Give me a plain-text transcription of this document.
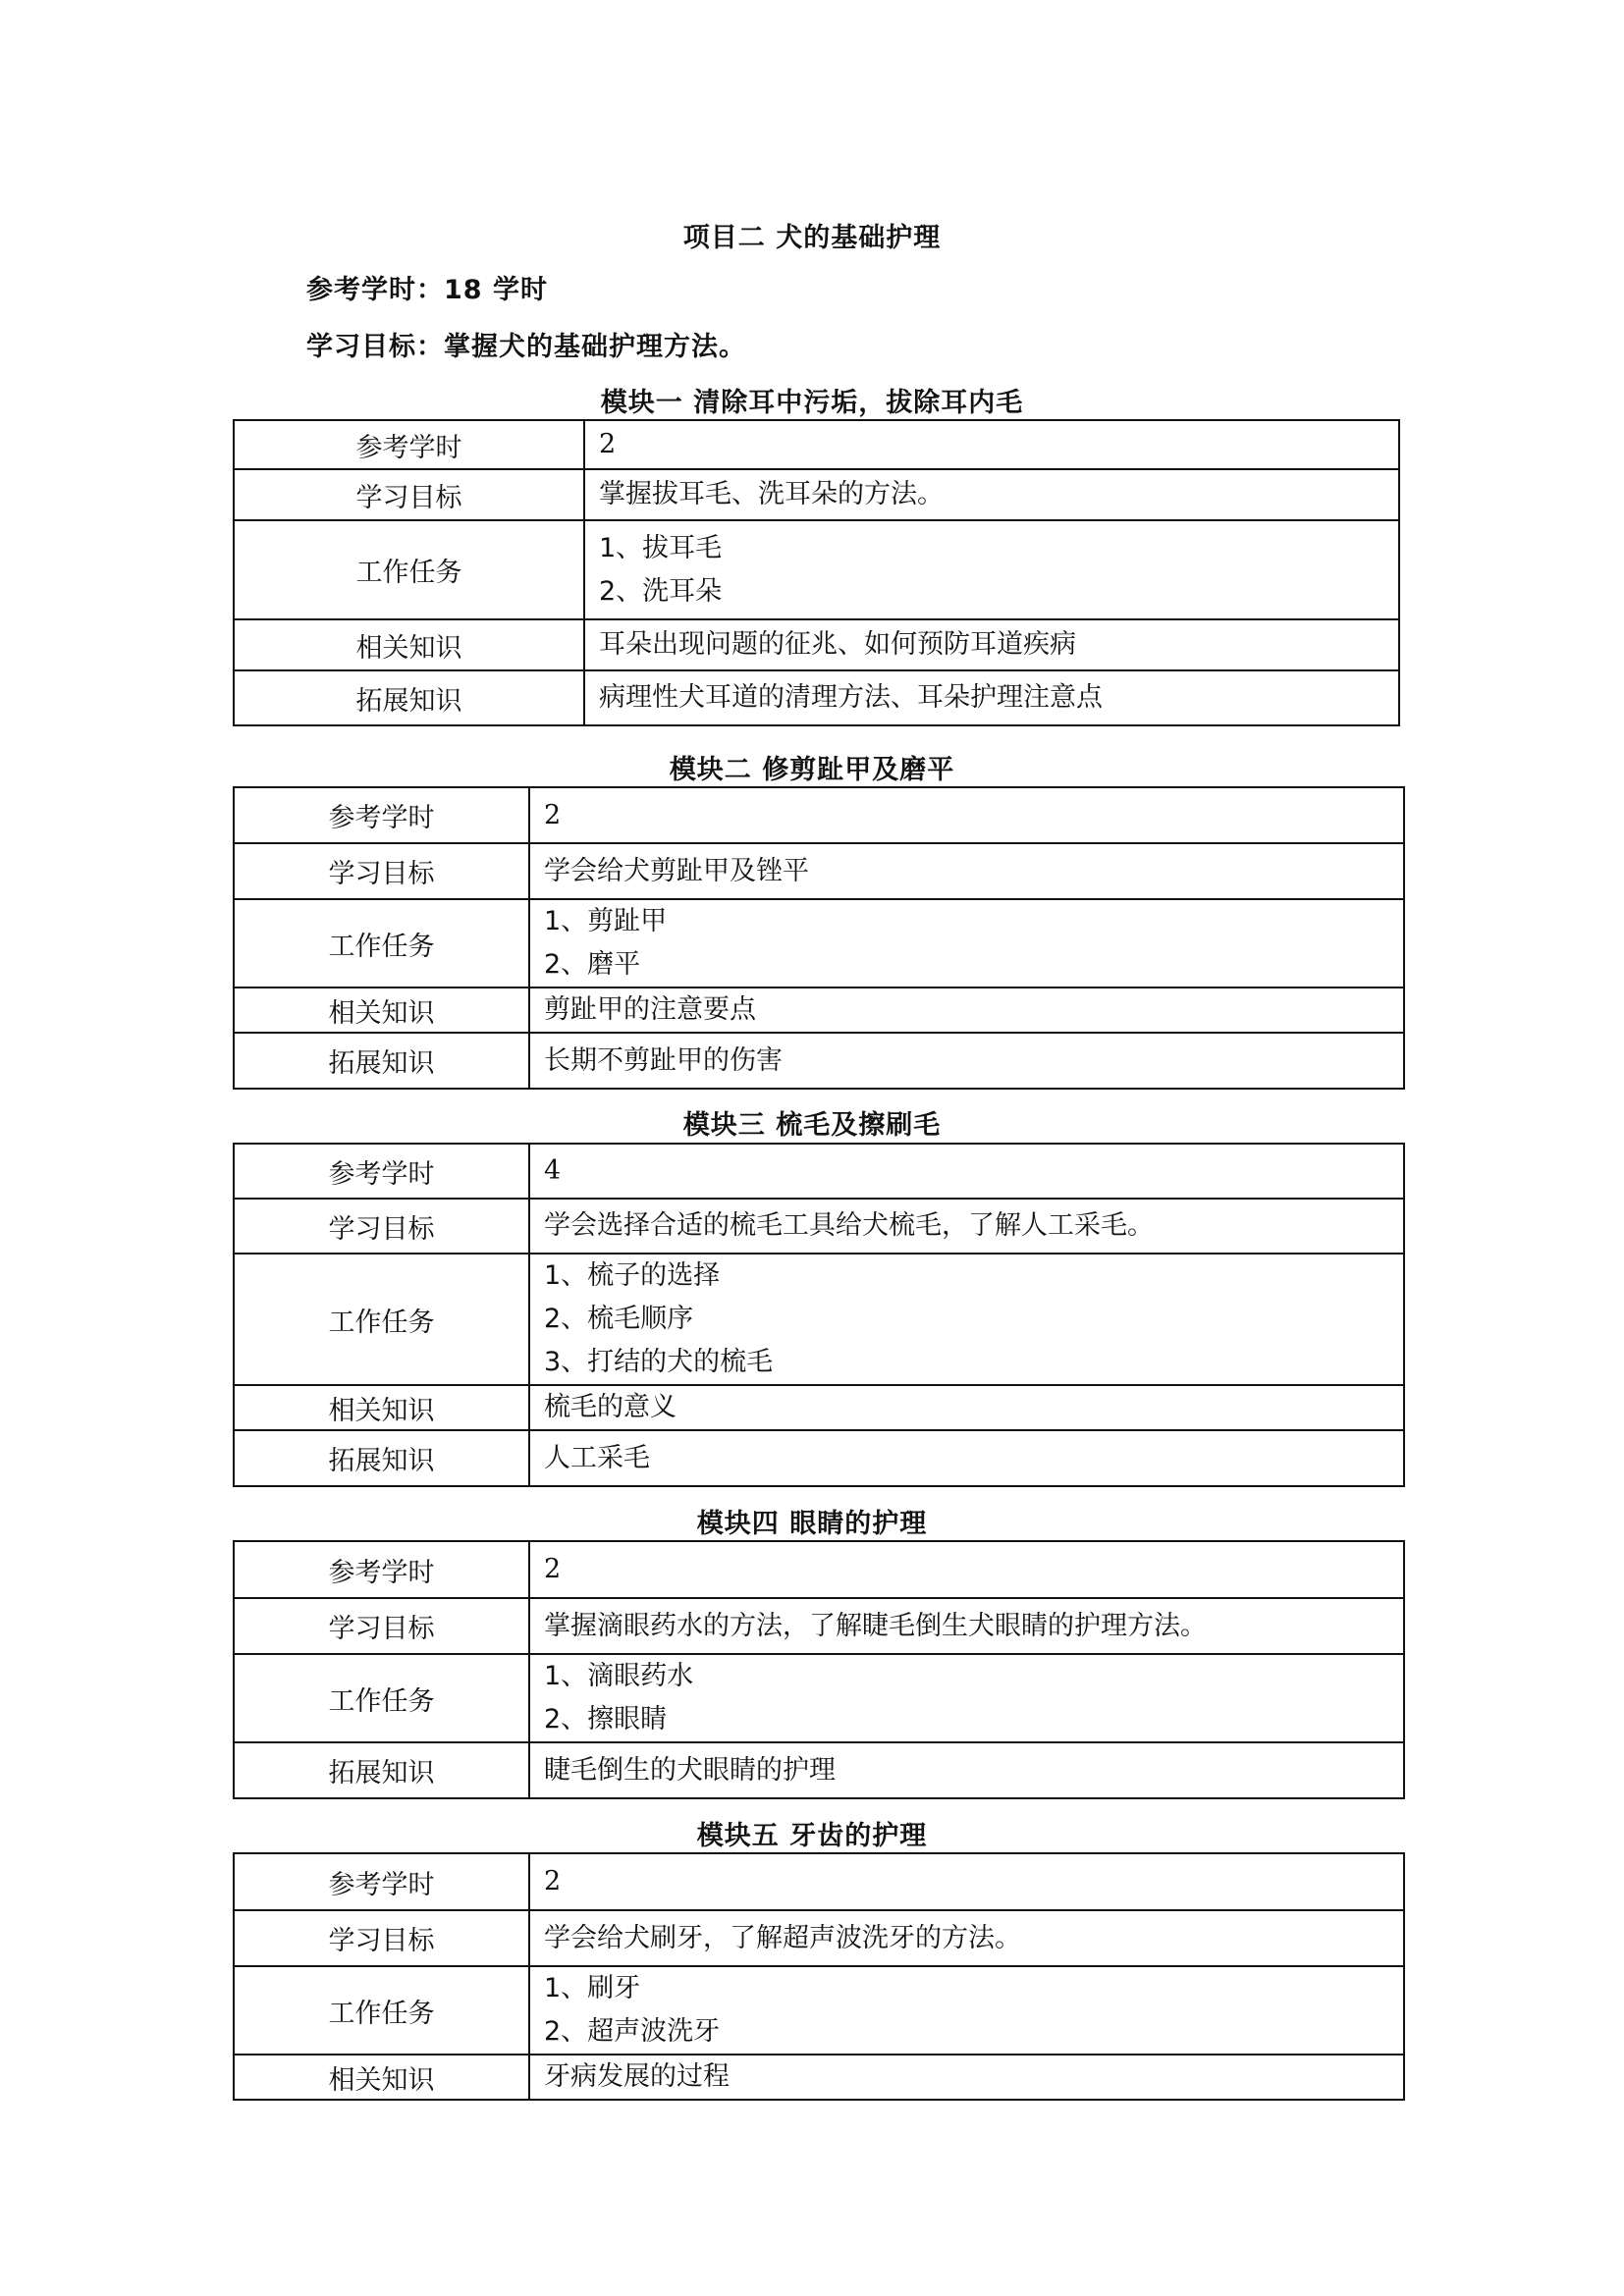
项目二 犬的基础护理
参考学时：18 学时
学习目标：掌握犬的基础护理方法。
模块一 清除耳中污垢，拔除耳内毛
参考学时	2

学习目标	掌握拔耳毛、洗耳朵的方法。

工作任务	1、拔耳毛
2、洗耳朵

相关知识	耳朵出现问题的征兆、如何预防耳道疾病

拓展知识	病理性犬耳道的清理方法、耳朵护理注意点
模块二 修剪趾甲及磨平
参考学时	2

学习目标	学会给犬剪趾甲及锉平

工作任务	1、剪趾甲
2、磨平

相关知识	剪趾甲的注意要点

拓展知识	长期不剪趾甲的伤害
模块三 梳毛及擦刷毛
参考学时	4

学习目标	学会选择合适的梳毛工具给犬梳毛，了解人工采毛。

工作任务	1、梳子的选择
2、梳毛顺序
3、打结的犬的梳毛

相关知识	梳毛的意义

拓展知识	人工采毛
模块四 眼睛的护理
参考学时	2

学习目标	掌握滴眼药水的方法，了解睫毛倒生犬眼睛的护理方法。

工作任务	1、滴眼药水
2、擦眼睛

拓展知识	睫毛倒生的犬眼睛的护理
模块五 牙齿的护理
参考学时	2

学习目标	学会给犬刷牙，了解超声波洗牙的方法。

工作任务	1、刷牙
2、超声波洗牙

相关知识	牙病发展的过程
